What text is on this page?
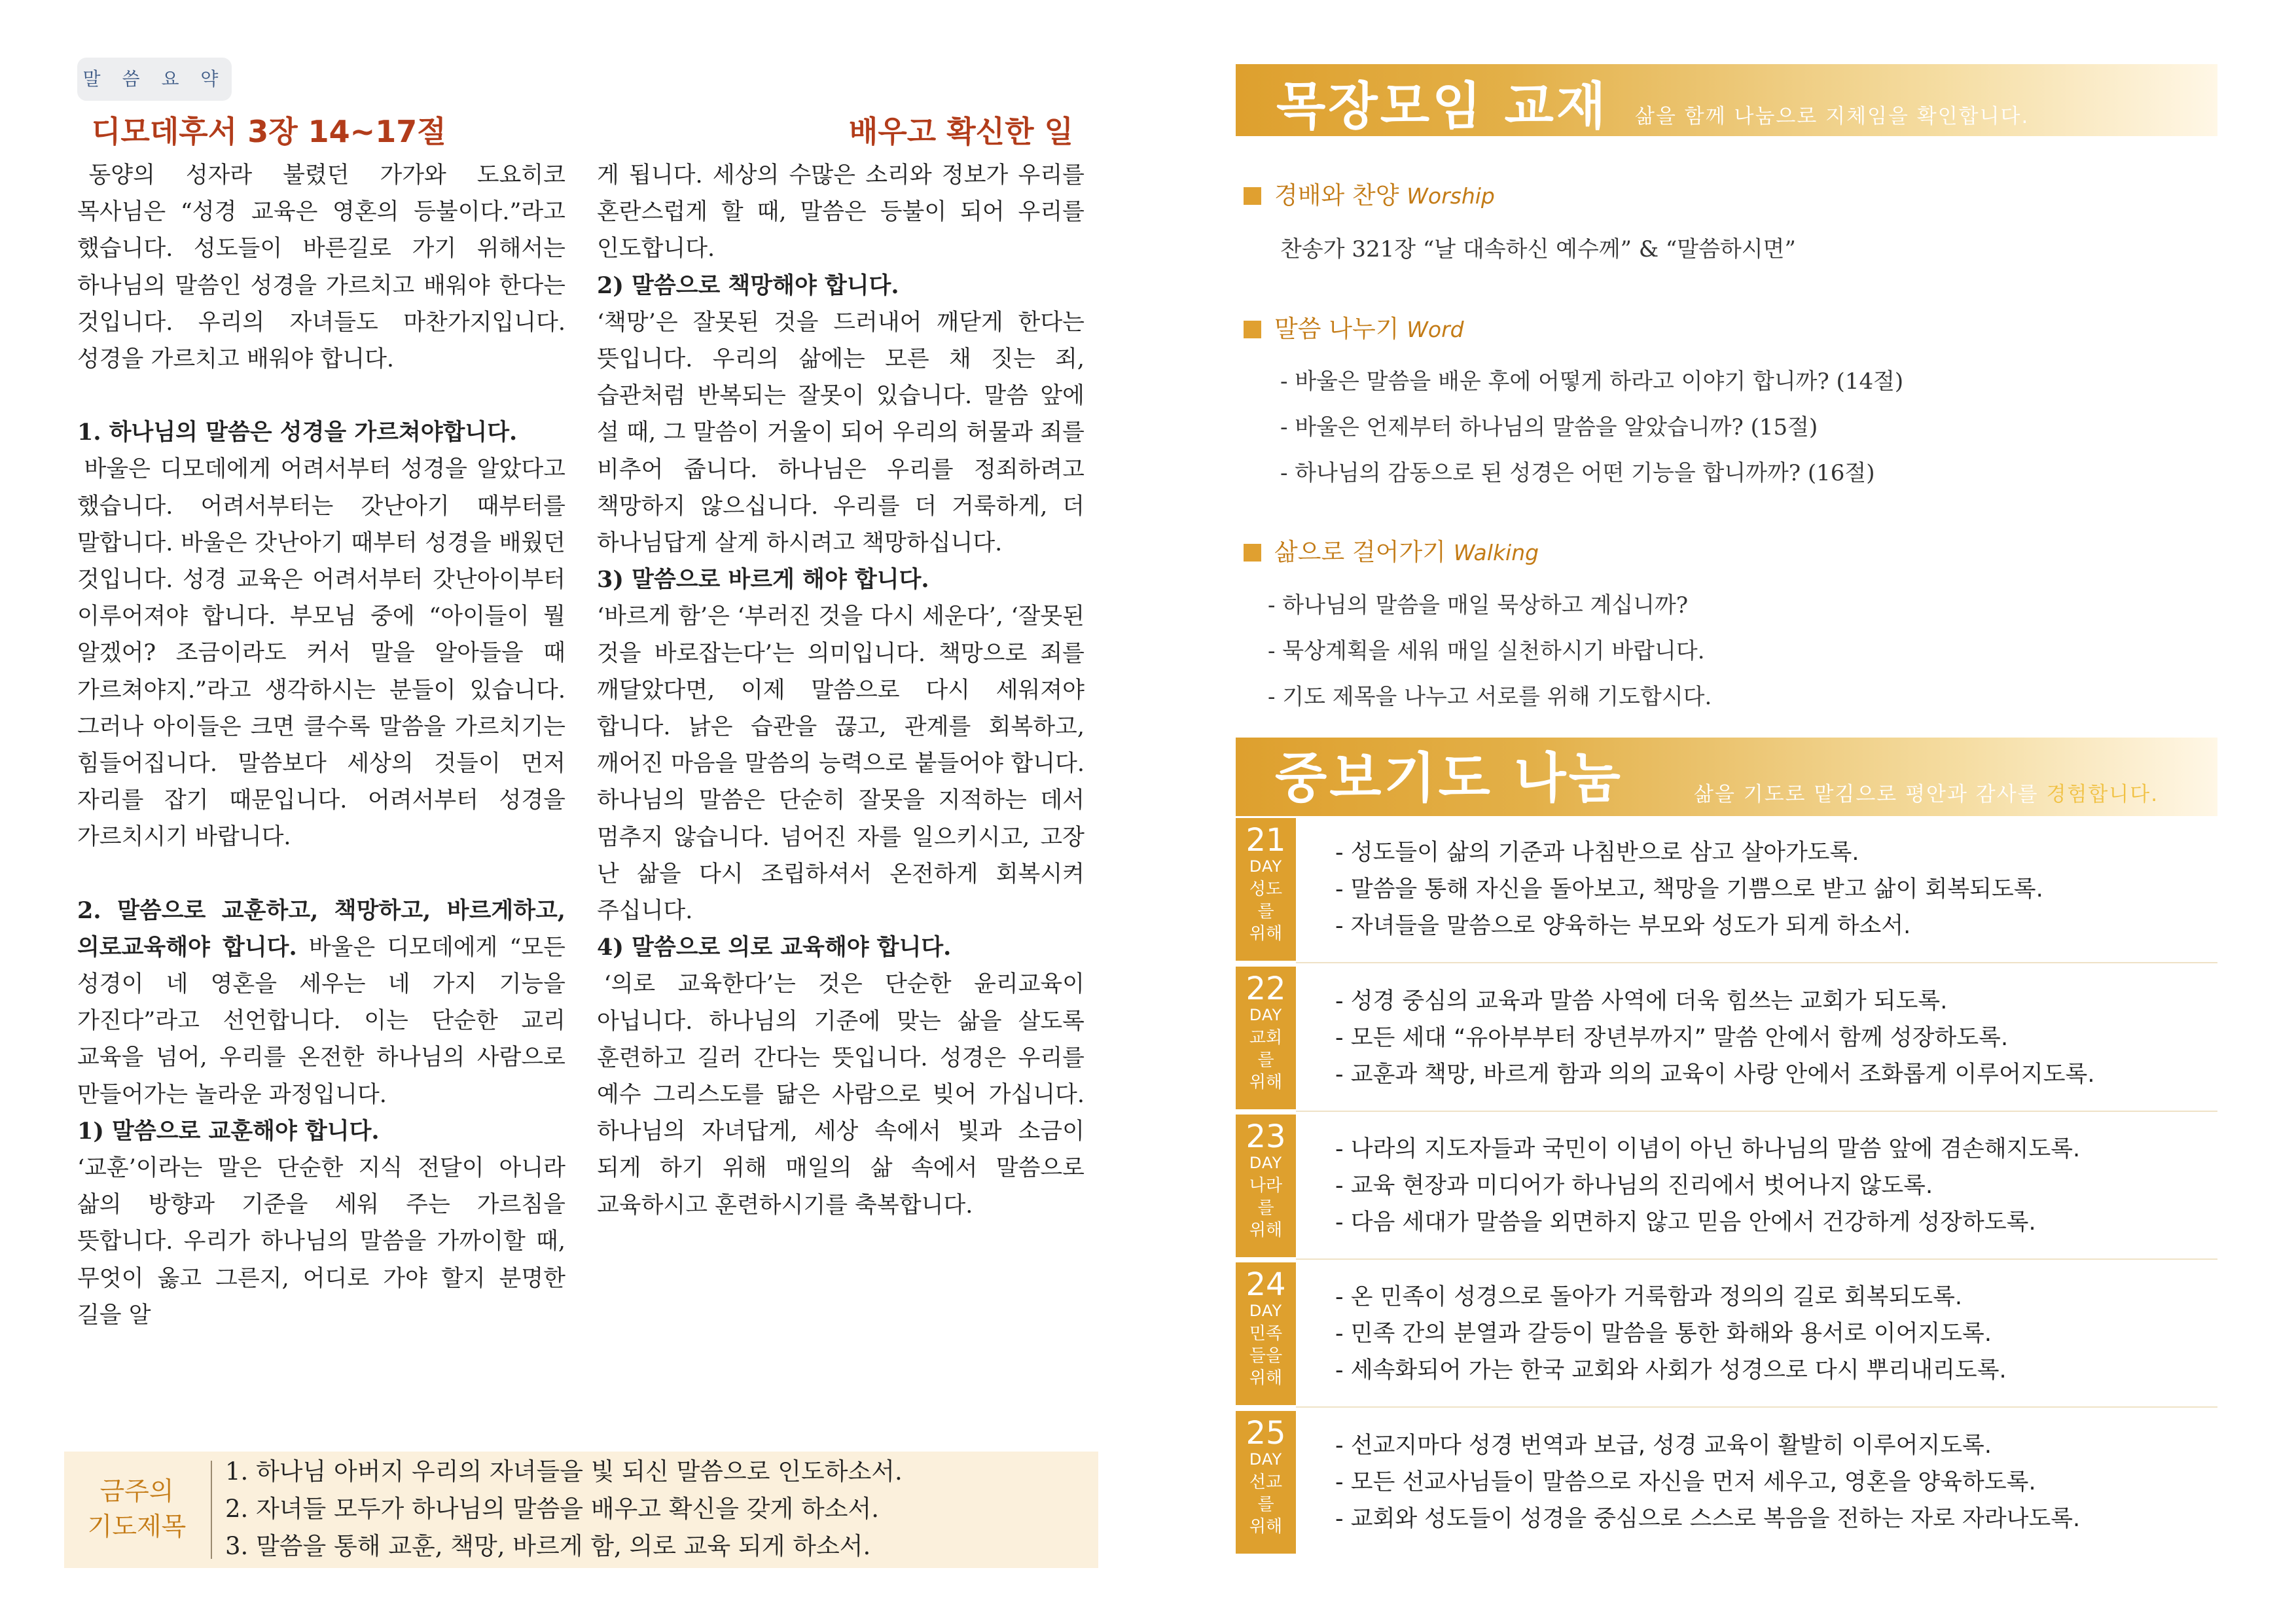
말 씀 요 약
디모데후서 3장 14~17절	배우고 확신한 일

동양의 성자라 불렸던 가가와 도요히코 목사님은 “성경 교육은 영혼의 등불이다.”라고 했습니다. 성도들이 바른길로 가기 위해서는 하나님의 말씀인 성경을 가르치고 배워야 한다는 것입니다. 우리의 자녀들도 마찬가지입니다. 성경을 가르치고 배워야 합니다.

1. 하나님의 말씀은 성경을 가르쳐야합니다.

바울은 디모데에게 어려서부터 성경을 알았다고 했습니다. 어려서부터는 갓난아기 때부터를 말합니다. 바울은 갓난아기 때부터 성경을 배웠던 것입니다. 성경 교육은 어려서부터 갓난아이부터 이루어져야 합니다. 부모님 중에 “아이들이 뭘 알겠어? 조금이라도 커서 말을 알아들을 때 가르쳐야지.”라고 생각하시는 분들이 있습니다. 그러나 아이들은 크면 클수록 말씀을 가르치기는 힘들어집니다. 말씀보다 세상의 것들이 먼저 자리를 잡기 때문입니다. 어려서부터 성경을 가르치시기 바랍니다.

2. 말씀으로 교훈하고, 책망하고, 바르게하고, 의로교육해야 합니다. 바울은 디모데에게 “모든 성경이 네 영혼을 세우는 네 가지 기능을 가진다”라고 선언합니다. 이는 단순한 교리 교육을 넘어, 우리를 온전한 하나님의 사람으로 만들어가는 놀라운 과정입니다.

1) 말씀으로 교훈해야 합니다.

‘교훈’이라는 말은 단순한 지식 전달이 아니라 삶의 방향과 기준을 세워 주는 가르침을 뜻합니다. 우리가 하나님의 말씀을 가까이할 때, 무엇이 옳고 그른지, 어디로 가야 할지 분명한 길을 알

게 됩니다. 세상의 수많은 소리와 정보가 우리를 혼란스럽게 할 때, 말씀은 등불이 되어 우리를 인도합니다.

2) 말씀으로 책망해야 합니다.

‘책망’은 잘못된 것을 드러내어 깨닫게 한다는 뜻입니다. 우리의 삶에는 모른 채 짓는 죄, 습관처럼 반복되는 잘못이 있습니다. 말씀 앞에 설 때, 그 말씀이 거울이 되어 우리의 허물과 죄를 비추어 줍니다. 하나님은 우리를 정죄하려고 책망하지 않으십니다. 우리를 더 거룩하게, 더 하나님답게 살게 하시려고 책망하십니다.

3) 말씀으로 바르게 해야 합니다.

‘바르게 함’은 ‘부러진 것을 다시 세운다’, ‘잘못된 것을 바로잡는다’는 의미입니다. 책망으로 죄를 깨달았다면, 이제 말씀으로 다시 세워져야 합니다. 낡은 습관을 끊고, 관계를 회복하고, 깨어진 마음을 말씀의 능력으로 붙들어야 합니다. 하나님의 말씀은 단순히 잘못을 지적하는 데서 멈추지 않습니다. 넘어진 자를 일으키시고, 고장 난 삶을 다시 조립하셔서 온전하게 회복시켜 주십니다.

4) 말씀으로 의로 교육해야 합니다.

‘의로 교육한다’는 것은 단순한 윤리교육이 아닙니다. 하나님의 기준에 맞는 삶을 살도록 훈련하고 길러 간다는 뜻입니다. 성경은 우리를 예수 그리스도를 닮은 사람으로 빚어 가십니다. 하나님의 자녀답게, 세상 속에서 빛과 소금이 되게 하기 위해 매일의 삶 속에서 말씀으로 교육하시고 훈련하시기를 축복합니다.

금주의
기도제목
1. 하나님 아버지 우리의 자녀들을 빛 되신 말씀으로 인도하소서.
2. 자녀들 모두가 하나님의 말씀을 배우고 확신을 갖게 하소서.
3. 말씀을 통해 교훈, 책망, 바르게 함, 의로 교육 되게 하소서.
목장모임 교재 삶을 함께 나눔으로 지체임을 확인합니다.
경배와 찬양 Worship
찬송가 321장 “날 대속하신 예수께” & “말씀하시면”
말씀 나누기 Word
- 바울은 말씀을 배운 후에 어떻게 하라고 이야기 합니까? (14절)
- 바울은 언제부터 하나님의 말씀을 알았습니까? (15절)
- 하나님의 감동으로 된 성경은 어떤 기능을 합니까까? (16절)
삶으로 걸어가기 Walking
- 하나님의 말씀을 매일 묵상하고 계십니까?
- 묵상계획을 세워 매일 실천하시기 바랍니다.
- 기도 제목을 나누고 서로를 위해 기도합시다.
중보기도 나눔	삶을 기도로 맡김으로 평안과 감사를 경험합니다.
21
DAY
성도
를
위해
- 성도들이 삶의 기준과 나침반으로 삼고 살아가도록.
- 말씀을 통해 자신을 돌아보고, 책망을 기쁨으로 받고 삶이 회복되도록.
- 자녀들을 말씀으로 양육하는 부모와 성도가 되게 하소서.
22
DAY
교회
를
위해
- 성경 중심의 교육과 말씀 사역에 더욱 힘쓰는 교회가 되도록.
- 모든 세대 “유아부부터 장년부까지” 말씀 안에서 함께 성장하도록.
- 교훈과 책망, 바르게 함과 의의 교육이 사랑 안에서 조화롭게 이루어지도록.
23
DAY
나라
를
위해
- 나라의 지도자들과 국민이 이념이 아닌 하나님의 말씀 앞에 겸손해지도록.
- 교육 현장과 미디어가 하나님의 진리에서 벗어나지 않도록.
- 다음 세대가 말씀을 외면하지 않고 믿음 안에서 건강하게 성장하도록.
24
DAY
민족
들을
위해
- 온 민족이 성경으로 돌아가 거룩함과 정의의 길로 회복되도록.
- 민족 간의 분열과 갈등이 말씀을 통한 화해와 용서로 이어지도록.
- 세속화되어 가는 한국 교회와 사회가 성경으로 다시 뿌리내리도록.
25
DAY
선교
를
위해
- 선교지마다 성경 번역과 보급, 성경 교육이 활발히 이루어지도록.
- 모든 선교사님들이 말씀으로 자신을 먼저 세우고, 영혼을 양육하도록.
- 교회와 성도들이 성경을 중심으로 스스로 복음을 전하는 자로 자라나도록.
